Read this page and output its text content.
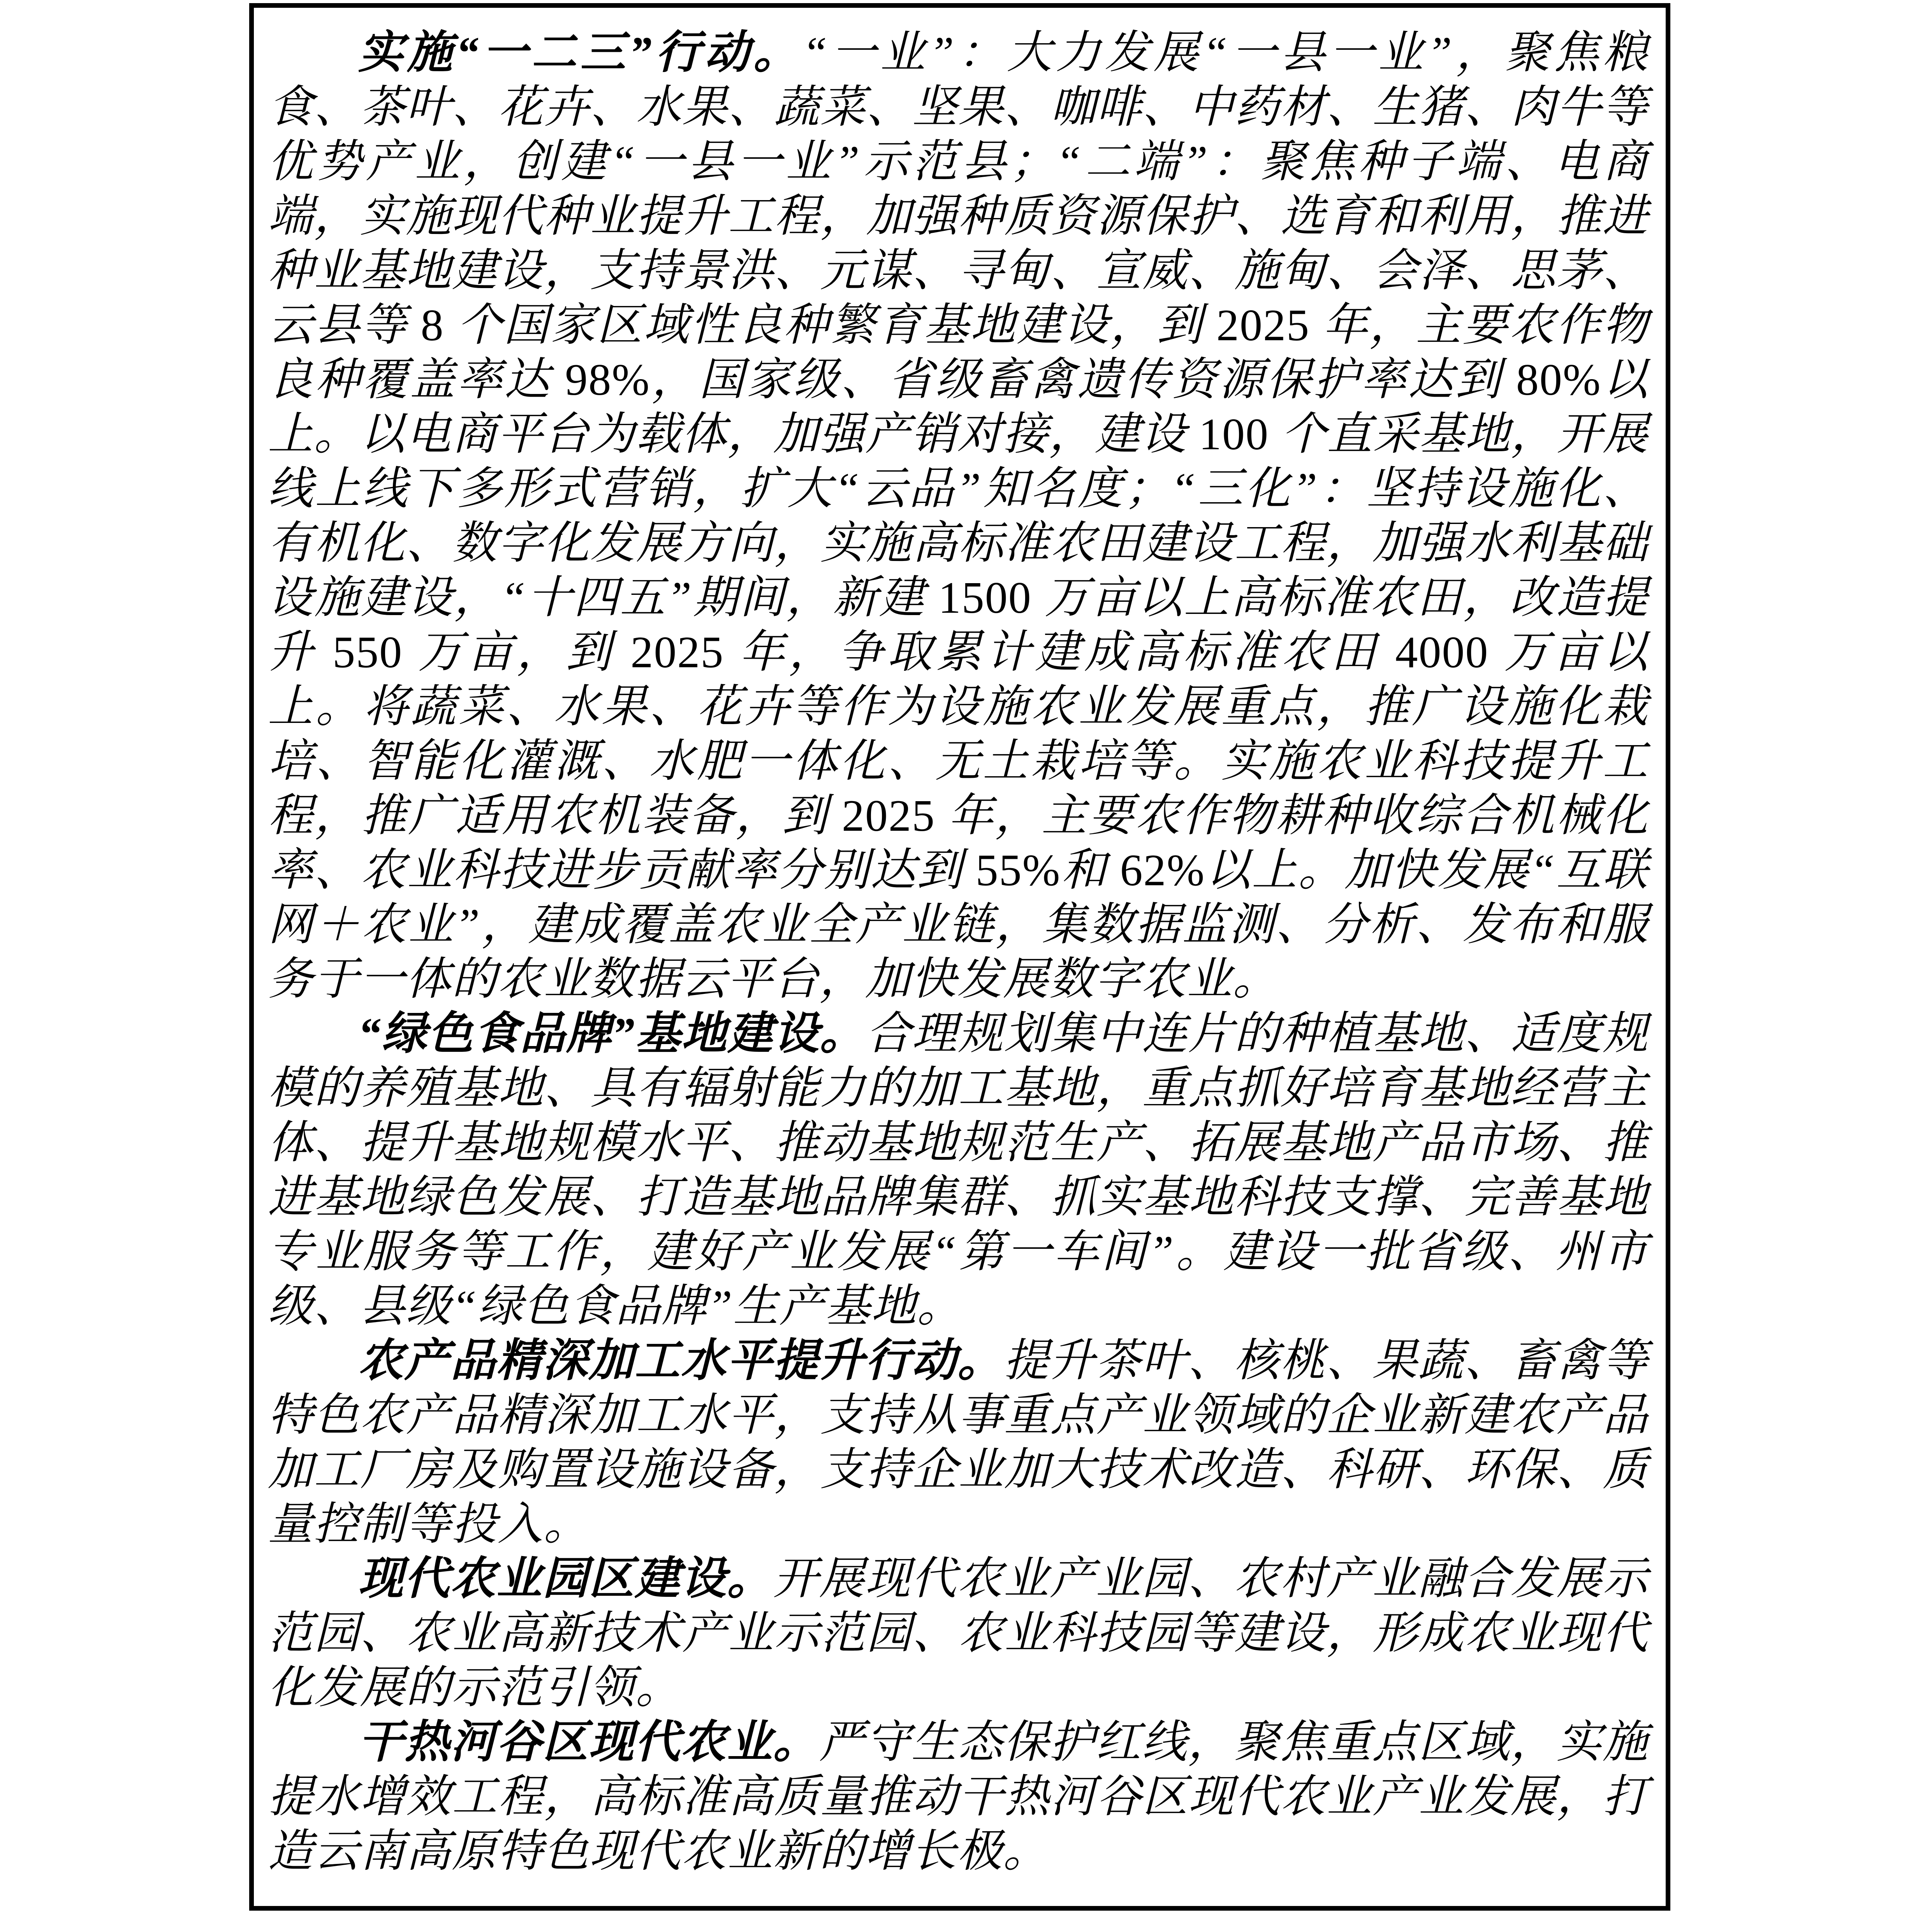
实施“一二三”行动。“一业”：大力发展“一县一业”，聚焦粮食、茶叶、花卉、水果、蔬菜、坚果、咖啡、中药材、生猪、肉牛等优势产业，创建“一县一业”示范县；“二端”：聚焦种子端、电商端，实施现代种业提升工程，加强种质资源保护、选育和利用，推进种业基地建设，支持景洪、元谋、寻甸、宣威、施甸、会泽、思茅、云县等 8 个国家区域性良种繁育基地建设，到 2025 年，主要农作物良种覆盖率达 98%，国家级、省级畜禽遗传资源保护率达到 80%以上。以电商平台为载体，加强产销对接，建设 100 个直采基地，开展线上线下多形式营销，扩大“云品”知名度；“三化”：坚持设施化、有机化、数字化发展方向，实施高标准农田建设工程，加强水利基础设施建设，“十四五”期间，新建 1500 万亩以上高标准农田，改造提升 550 万亩，到 2025 年，争取累计建成高标准农田 4000 万亩以上。将蔬菜、水果、花卉等作为设施农业发展重点，推广设施化栽培、智能化灌溉、水肥一体化、无土栽培等。实施农业科技提升工程，推广适用农机装备，到 2025 年，主要农作物耕种收综合机械化率、农业科技进步贡献率分别达到 55%和 62%以上。加快发展“互联网＋农业”，建成覆盖农业全产业链，集数据监测、分析、发布和服务于一体的农业数据云平台，加快发展数字农业。

“绿色食品牌”基地建设。合理规划集中连片的种植基地、适度规模的养殖基地、具有辐射能力的加工基地，重点抓好培育基地经营主体、提升基地规模水平、推动基地规范生产、拓展基地产品市场、推进基地绿色发展、打造基地品牌集群、抓实基地科技支撑、完善基地专业服务等工作，建好产业发展“第一车间”。建设一批省级、州市级、县级“绿色食品牌”生产基地。

农产品精深加工水平提升行动。提升茶叶、核桃、果蔬、畜禽等特色农产品精深加工水平，支持从事重点产业领域的企业新建农产品加工厂房及购置设施设备，支持企业加大技术改造、科研、环保、质量控制等投入。

现代农业园区建设。开展现代农业产业园、农村产业融合发展示范园、农业高新技术产业示范园、农业科技园等建设，形成农业现代化发展的示范引领。

干热河谷区现代农业。严守生态保护红线，聚焦重点区域，实施提水增效工程，高标准高质量推动干热河谷区现代农业产业发展，打造云南高原特色现代农业新的增长极。
